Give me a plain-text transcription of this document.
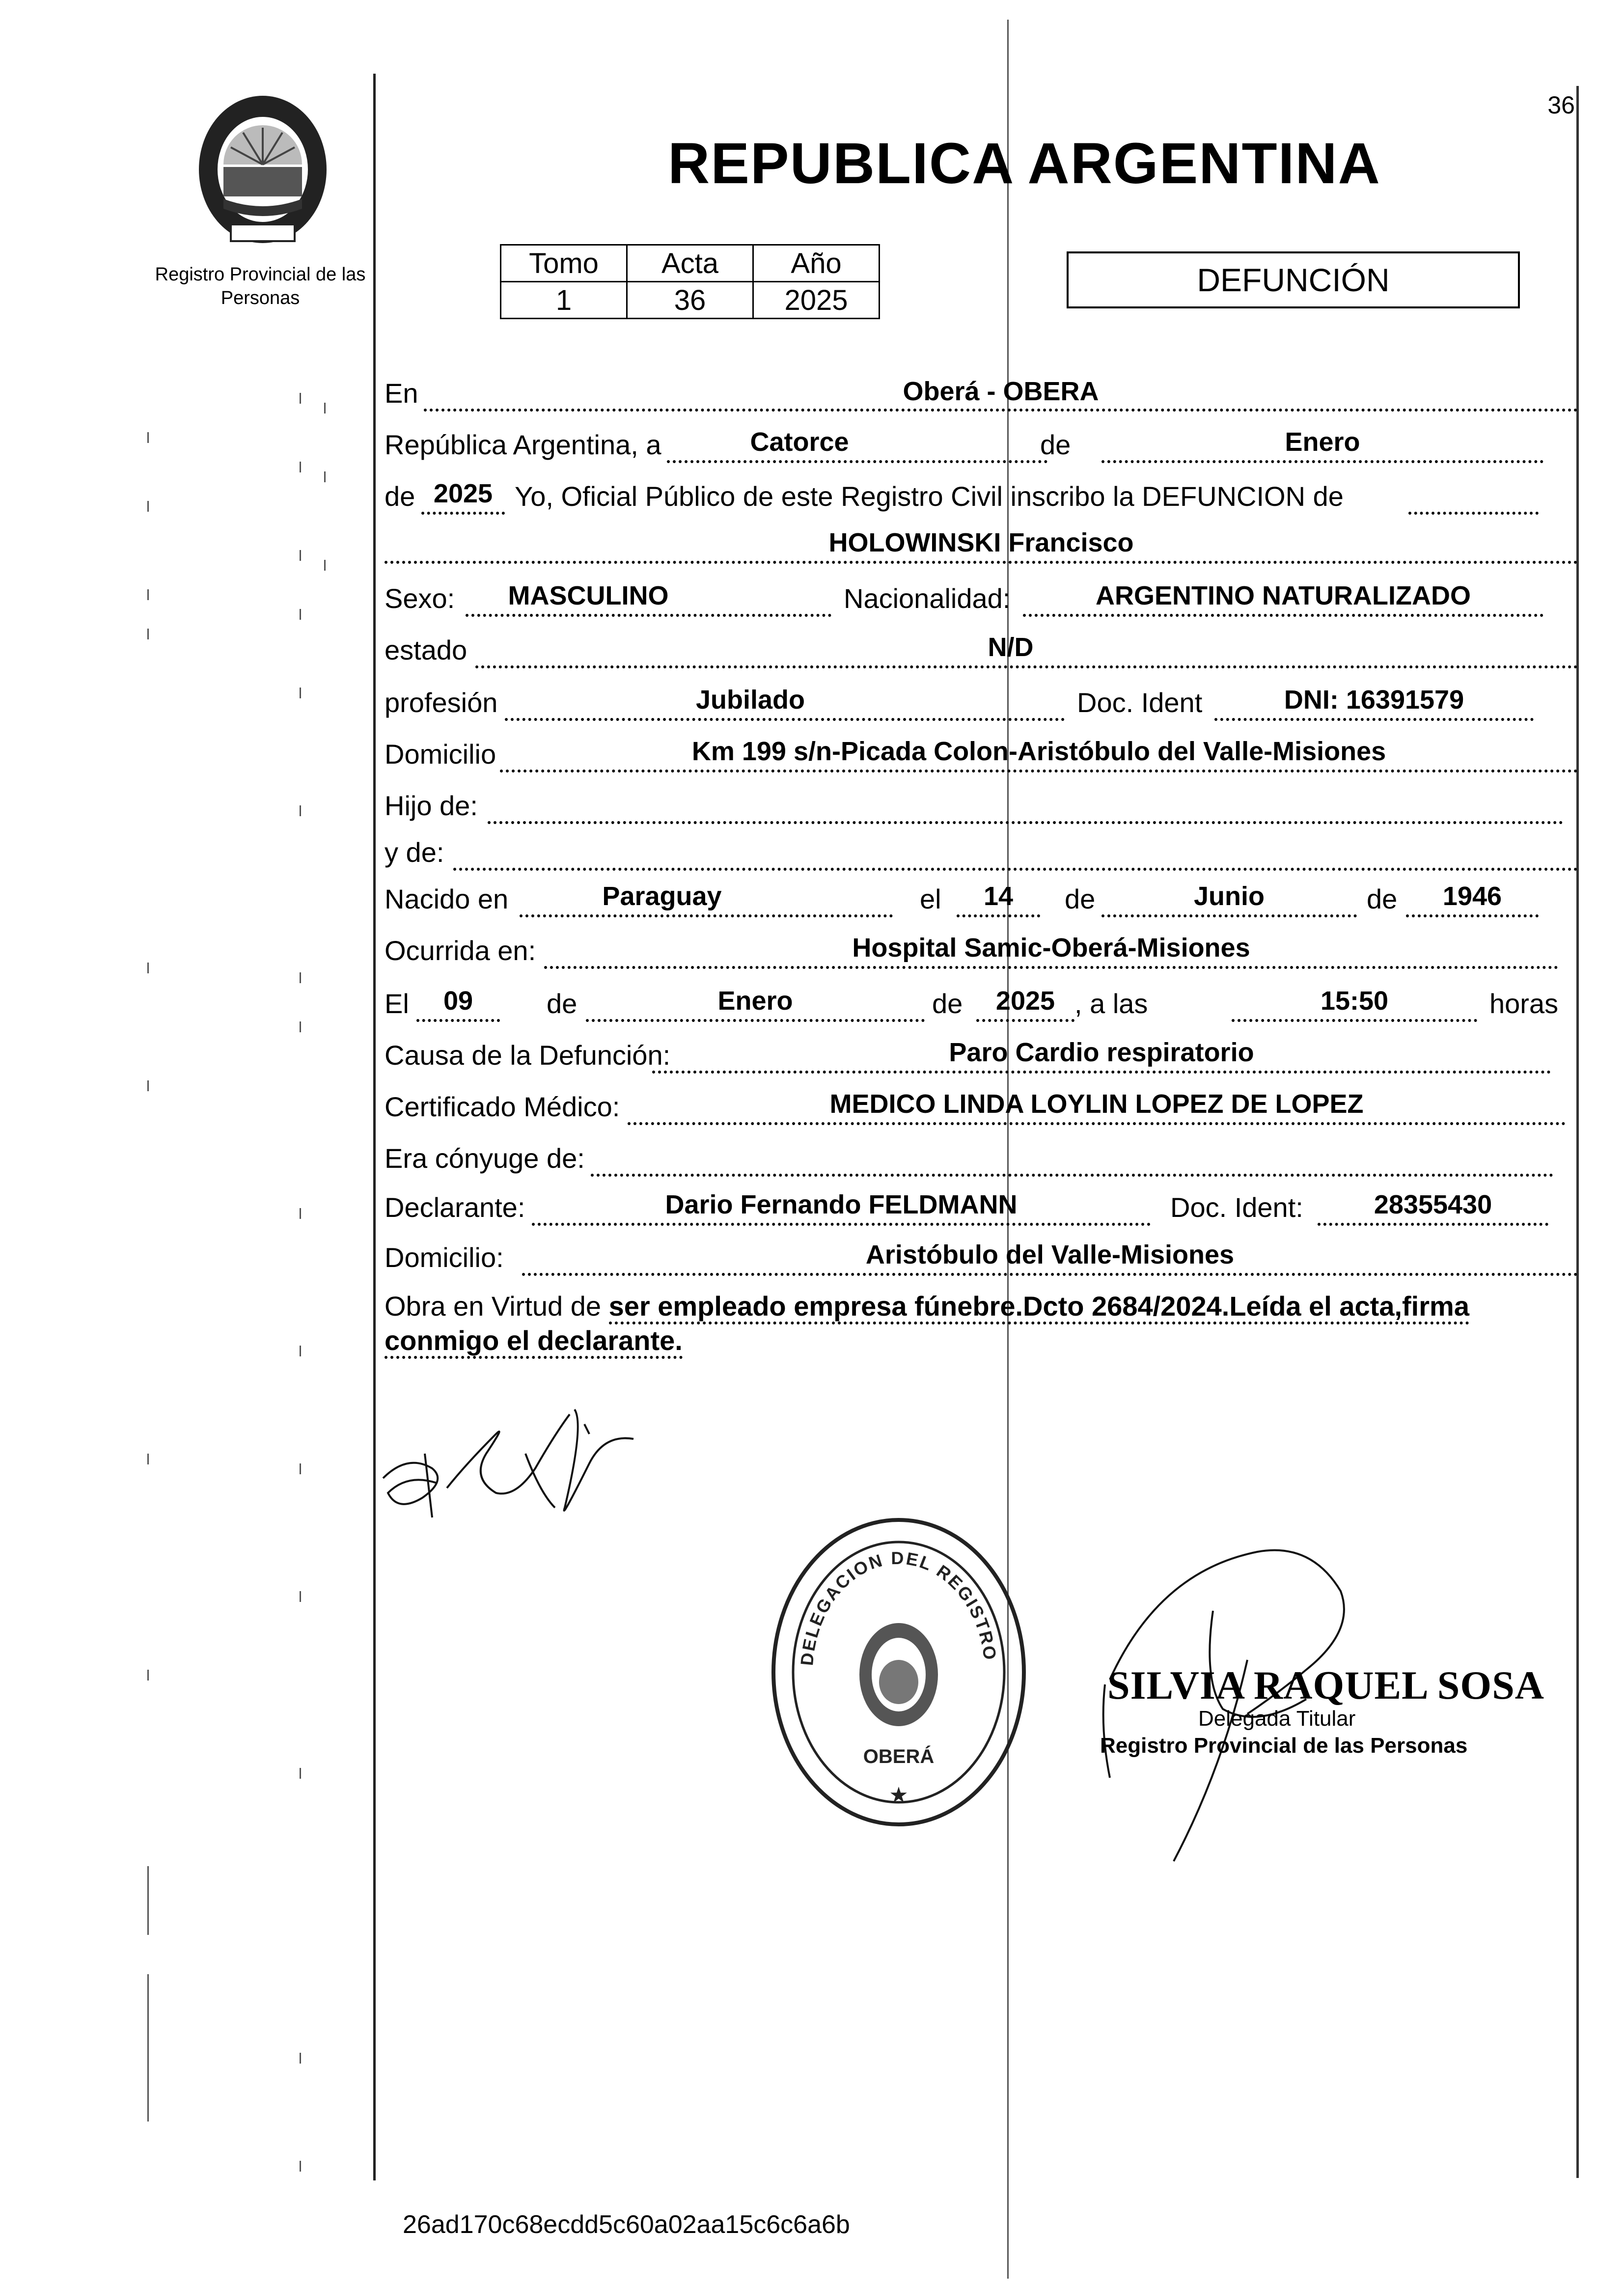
36
Registro Provincial de las Personas
REPUBLICA ARGENTINA
Tomo	Acta	Año
1	36	2025
DEFUNCIÓN
En	Oberá - OBERA
República Argentina, a	Catorce	de	Enero
de 2025 Yo, Oficial Público de este Registro Civil inscribo la DEFUNCION de
HOLOWINSKI Francisco
Sexo:	MASCULINO	Nacionalidad:	ARGENTINO NATURALIZADO
estado	N/D
profesión	Jubilado	Doc. Ident	DNI: 16391579
Domicilio	Km 199 s/n-Picada Colon-Aristóbulo del Valle-Misiones
Hijo de:
y de:
Nacido en	Paraguay	el	14	de	Junio	de	1946
Ocurrida en:	Hospital Samic-Oberá-Misiones
El	09	de	Enero	de	2025 , a las	15:50	horas
Causa de la Defunción:	Paro Cardio respiratorio
Certificado Médico:	MEDICO LINDA LOYLIN LOPEZ DE LOPEZ
Era cónyuge de:
Declarante:	Dario Fernando FELDMANN	Doc. Ident:	28355430
Domicilio:	Aristóbulo del Valle-Misiones
Obra en Virtud de ser empleado empresa fúnebre.Dcto 2684/2024.Leída el acta,firma conmigo el declarante.
DELEGACION DEL REGISTRO
OBERÁ
★
SILVIA RAQUEL SOSA
Delegada Titular
Registro Provincial de las Personas
26ad170c68ecdd5c60a02aa15c6c6a6b
